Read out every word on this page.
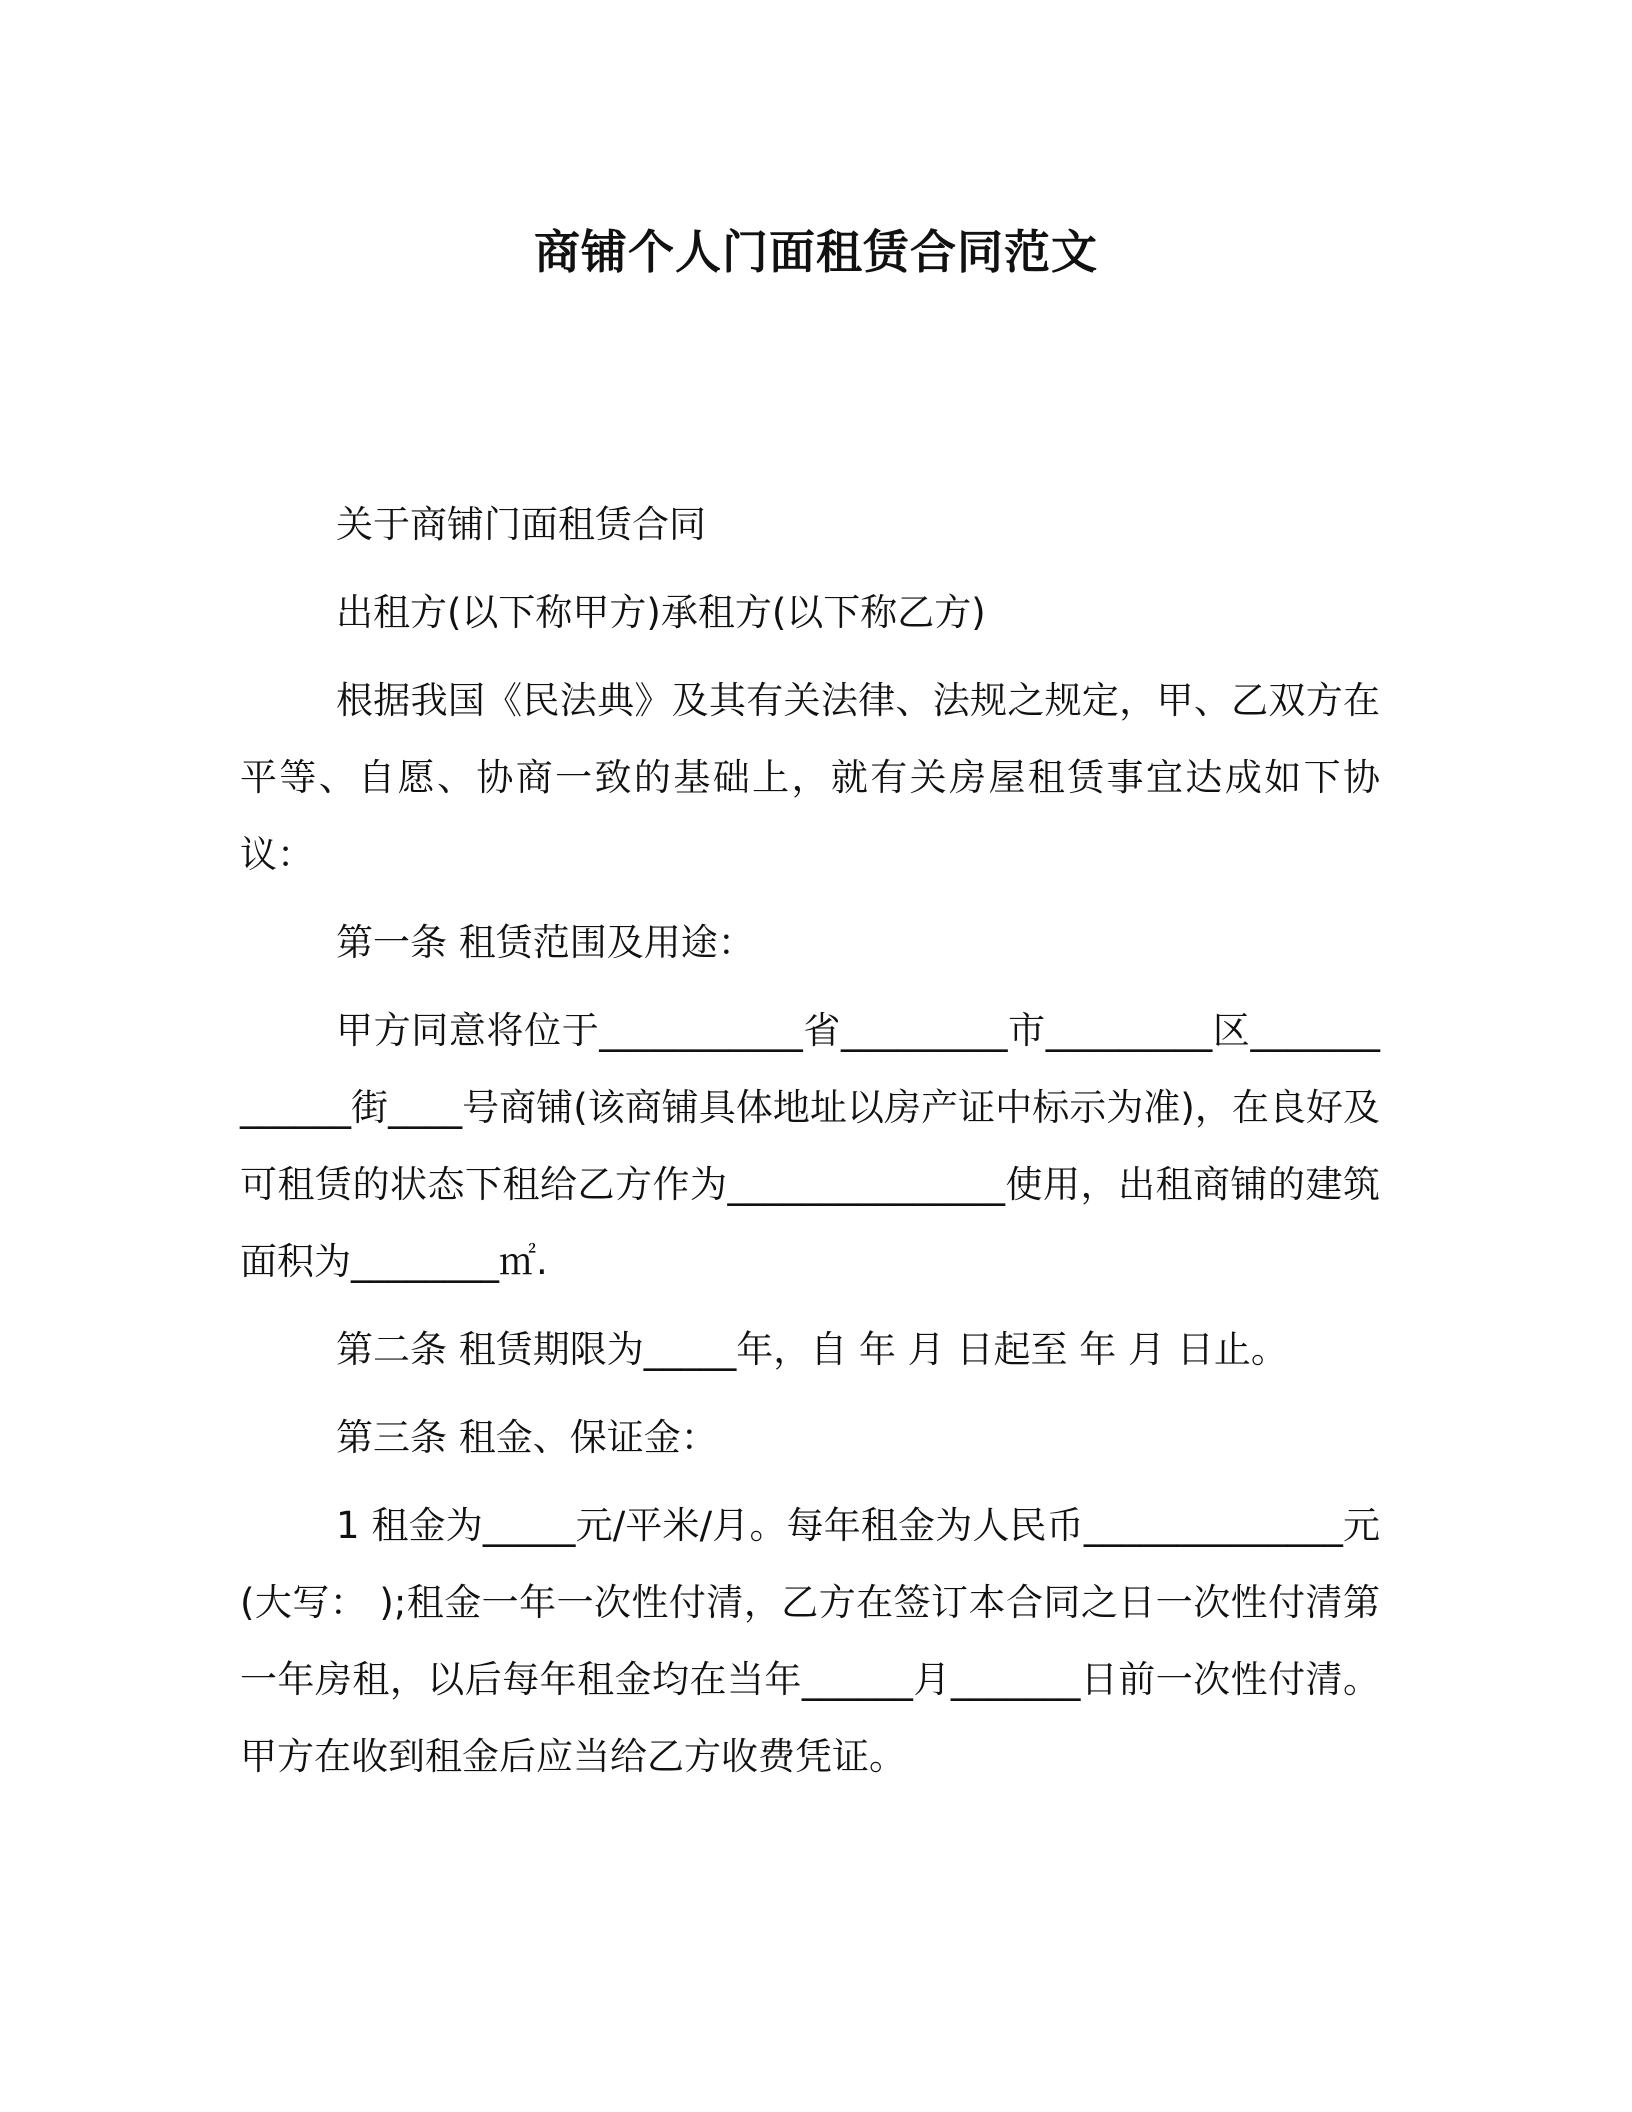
商铺个人门面租赁合同范文

关于商铺门面租赁合同

出租方(以下称甲方)承租方(以下称乙方)

根据我国《民法典》及其有关法律、法规之规定，甲、乙双方在平等、自愿、协商一致的基础上，就有关房屋租赁事宜达成如下协议：

第一条 租赁范围及用途：

甲方同意将位于___________省_________市_________区_____________街____号商铺(该商铺具体地址以房产证中标示为准)，在良好及可租赁的状态下租给乙方作为_______________使用，出租商铺的建筑面积为________㎡.

第二条 租赁期限为_____年，自 年 月 日起至 年 月 日止。

第三条 租金、保证金：

1 租金为_____元/平米/月。每年租金为人民币______________元(大写： );租金一年一次性付清，乙方在签订本合同之日一次性付清第一年房租，以后每年租金均在当年______月_______日前一次性付清。甲方在收到租金后应当给乙方收费凭证。
